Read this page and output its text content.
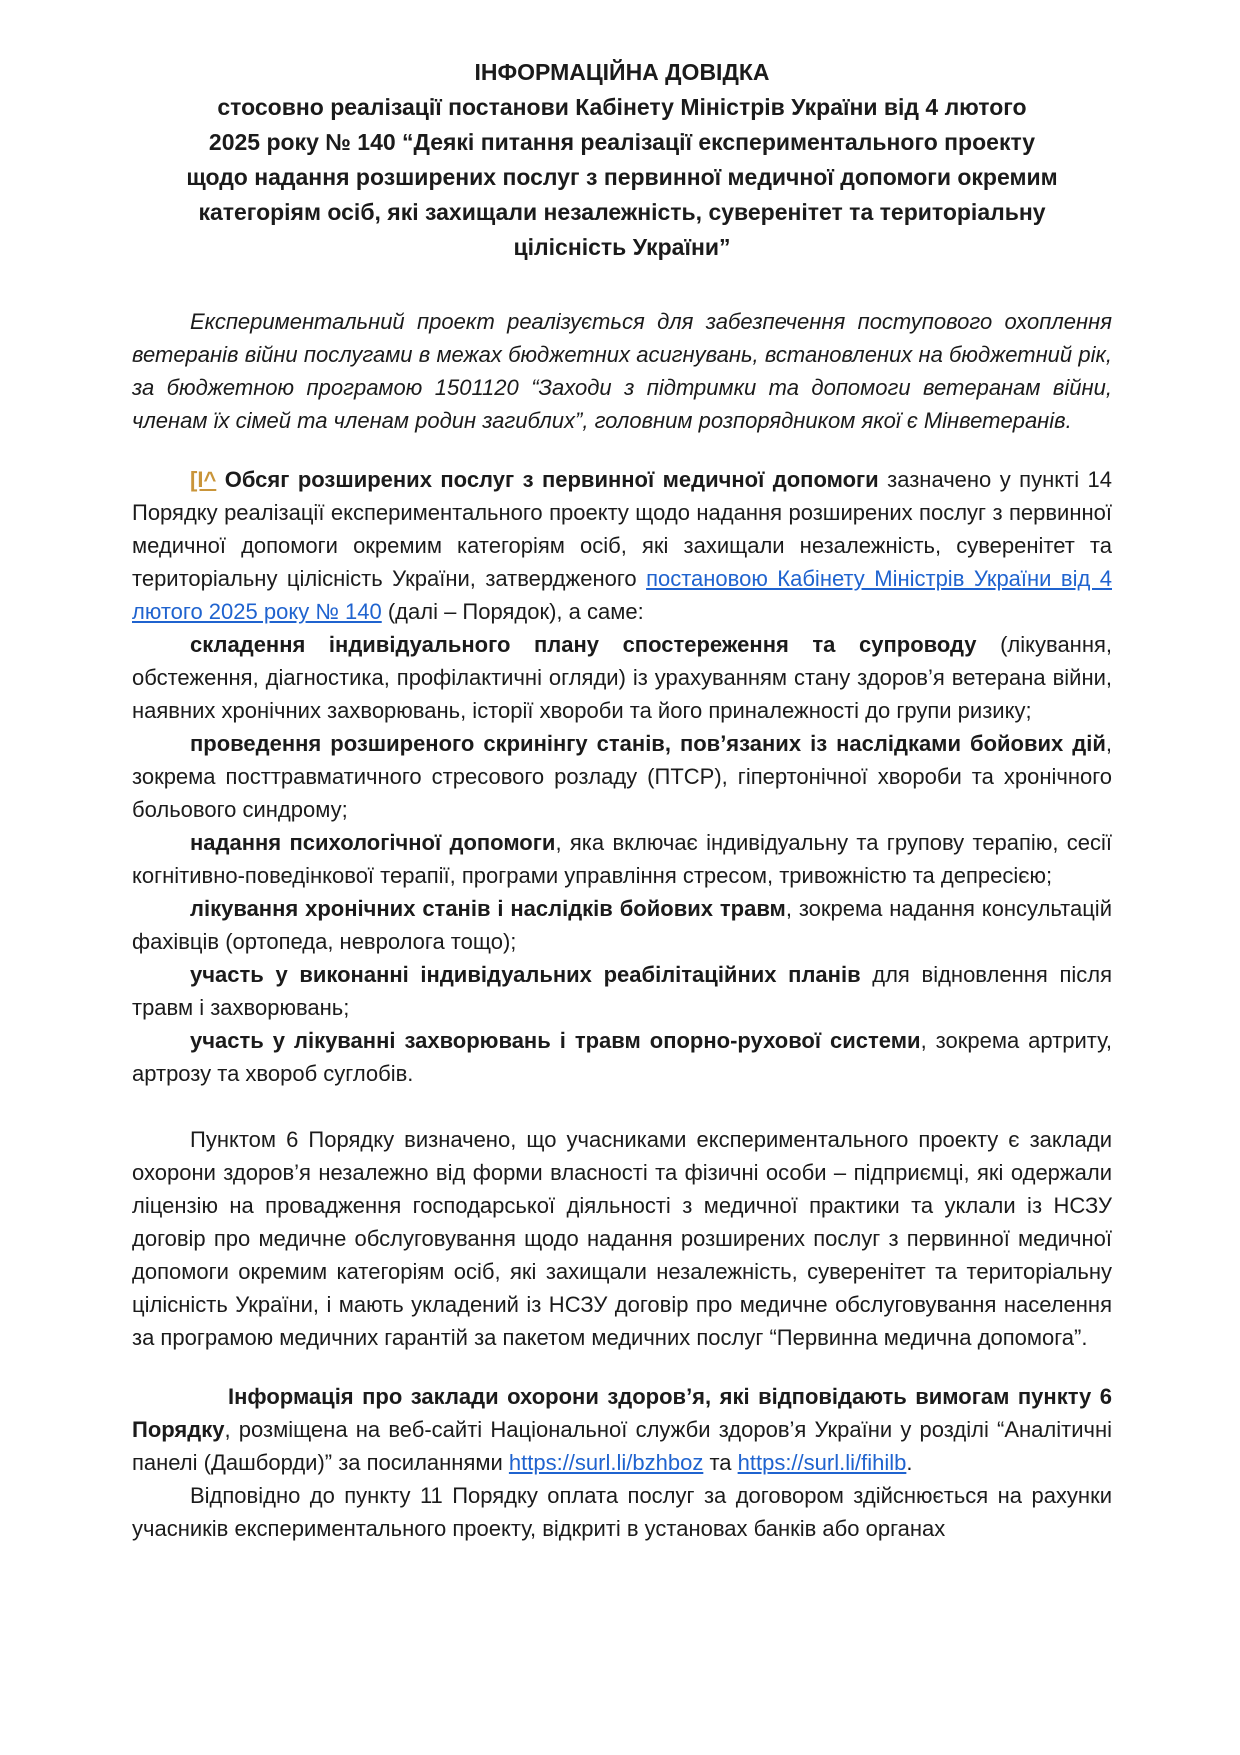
ІНФОРМАЦІЙНА ДОВІДКА
стосовно реалізації постанови Кабінету Міністрів України від 4 лютого
2025 року № 140 “Деякі питання реалізації експериментального проекту
щодо надання розширених послуг з первинної медичної допомоги окремим
категоріям осіб, які захищали незалежність, суверенітет та територіальну
цілісність України”

Експериментальний проект реалізується для забезпечення поступового охоплення ветеранів війни послугами в межах бюджетних асигнувань, встановлених на бюджетний рік, за бюджетною програмою 1501120 “Заходи з підтримки та допомоги ветеранам війни, членам їх сімей та членам родин загиблих”, головним розпорядником якої є Мінветеранів.

[І^ Обсяг розширених послуг з первинної медичної допомоги зазначено у пункті 14 Порядку реалізації експериментального проекту щодо надання розширених послуг з первинної медичної допомоги окремим категоріям осіб, які захищали незалежність, суверенітет та територіальну цілісність України, затвердженого постановою Кабінету Міністрів України від 4 лютого 2025 року № 140 (далі – Порядок), а саме:

складення індивідуального плану спостереження та супроводу (лікування, обстеження, діагностика, профілактичні огляди) із урахуванням стану здоров’я ветерана війни, наявних хронічних захворювань, історії хвороби та його приналежності до групи ризику;

проведення розширеного скринінгу станів, пов’язаних із наслідками бойових дій, зокрема посттравматичного стресового розладу (ПТСР), гіпертонічної хвороби та хронічного больового синдрому;

надання психологічної допомоги, яка включає індивідуальну та групову терапію, сесії когнітивно-поведінкової терапії, програми управління стресом, тривожністю та депресією;

лікування хронічних станів і наслідків бойових травм, зокрема надання консультацій фахівців (ортопеда, невролога тощо);

участь у виконанні індивідуальних реабілітаційних планів для відновлення після травм і захворювань;

участь у лікуванні захворювань і травм опорно-рухової системи, зокрема артриту, артрозу та хвороб суглобів.

Пунктом 6 Порядку визначено, що учасниками експериментального проекту є заклади охорони здоров’я незалежно від форми власності та фізичні особи – підприємці, які одержали ліцензію на провадження господарської діяльності з медичної практики та уклали із НСЗУ договір про медичне обслуговування щодо надання розширених послуг з первинної медичної допомоги окремим категоріям осіб, які захищали незалежність, суверенітет та територіальну цілісність України, і мають укладений із НСЗУ договір про медичне обслуговування населення за програмою медичних гарантій за пакетом медичних послуг “Первинна медична допомога”.

Інформація про заклади охорони здоров’я, які відповідають вимогам пункту 6 Порядку, розміщена на веб-сайті Національної служби здоров’я України у розділі “Аналітичні панелі (Дашборди)” за посиланнями https://surl.li/bzhboz та https://surl.li/fihilb.

Відповідно до пункту 11 Порядку оплата послуг за договором здійснюється на рахунки учасників експериментального проекту, відкриті в установах банків або органах
